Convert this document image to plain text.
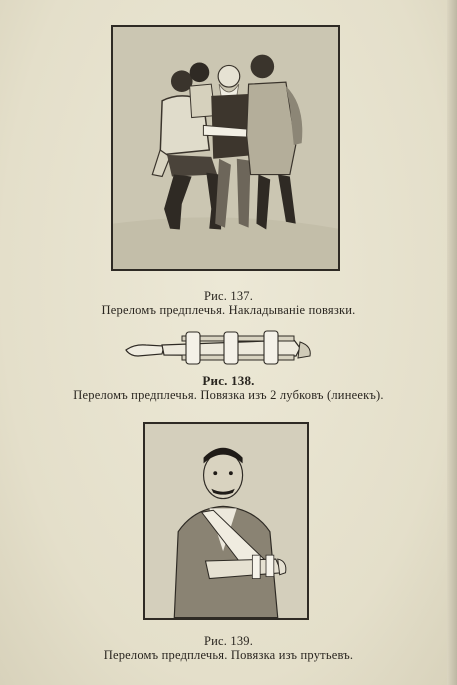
Рис. 137.
Переломъ предплечья. Накладываніе повязки.
Рис. 138.
Переломъ предплечья. Повязка изъ 2 лубковъ (линеекъ).
Рис. 139.
Переломъ предплечья. Повязка изъ прутьевъ.
